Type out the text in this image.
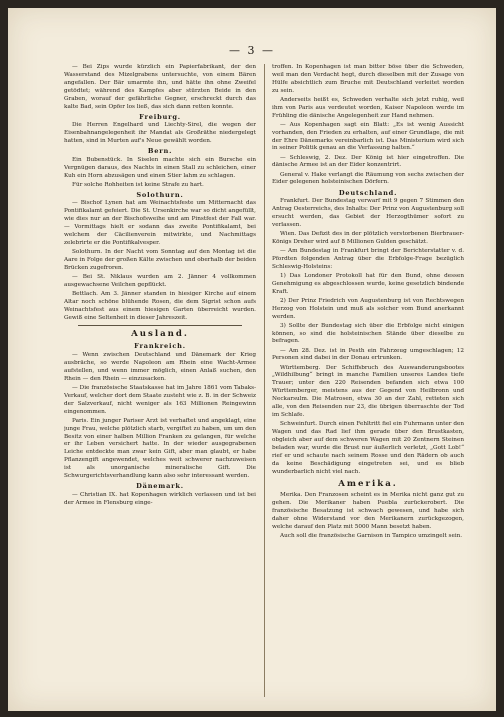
— 3 —

— Bei Zips wurde kürzlich ein Papierfabrikant, der den Wasserstand des Mizelgrabens untersuchte, von einem Bären angefallen. Der Bär umarmte ihn, und hätte ihn ohne Zweifel getödtet; während des Kampfes aber stürzten Beide in den Graben, worauf der gefährliche Gegner, erschreckt durch das kalte Bad, sein Opfer los ließ, das sich dann retten konnte.

Freiburg.

Die Herren Engelhard und Liechty-Sirel, die wegen der Eisenbahnangelegenheit ihr Mandat als Großräthe niedergelegt hatten, sind in Murten auf's Neue gewählt worden.

Bern.

Ein Bubenstück. In Siselen machte sich ein Bursche ein Vergnügen daraus, des Nachts in einen Stall zu schleichen, einer Kuh ein Horn abzusägen und einen Stier lahm zu schlagen.

Für solche Rohheiten ist keine Strafe zu hart.

Solothurn.

— Bischof Lynen hat am Weinachtsfeste um Mitternacht das Pontifikalamt gefeiert. Die St. Ursenkirche war so dicht angefüllt, wie dies nur an der Bischofsweihe und am Pinstfest der Fall war. — Vormittags hielt er sodann das zweite Pontifikalamt, bei welchem der Cäcilienverein mitwirkte, und Nachmittags zelebrirte er die Pontifikalvesper.

Solothurn. In der Nacht vom Sonntag auf den Montag ist die Aare in Folge der großen Kälte zwischen und oberhalb der beiden Brücken zugefroren.

— Bei St. Niklaus wurden am 2. Jänner 4 vollkommen ausgewachsene Veilchen gepflückt.

Bettlach. Am 3. Jänner standen in hiesiger Kirche auf einem Altar noch schöne blühende Rosen, die dem Sigrist schon aufs Weinachtsfest aus einem hiesigen Garten überreicht wurden. Gewiß eine Seltenheit in dieser Jahreszeit.

Ausland.
Frankreich.

— Wenn zwischen Deutschland und Dänemark der Krieg ausbräche, so werde Napoleon am Rhein eine Wacht-Armee aufstellen, und wenn immer möglich, einen Anlaß suchen, den Rhein — den Rhein — einzusacken.

— Die französische Staatskasse hat im Jahre 1861 vom Tabaks-Verkauf, welcher dort dem Staate zusteht wie z. B. in der Schweiz der Salzverkauf, nicht weniger als 163 Millionen Reingewinn eingenommen.

Paris. Ein junger Pariser Arzt ist verhaftet und angeklagt, eine junge Frau, welche plötzlich starb, vergiftet zu haben, um um den Besitz von einer halben Million Franken zu gelangen, für welche er ihr Leben versichert hatte. In der wieder ausgegrabenen Leiche entdeckte man zwar kein Gift, aber man glaubt, er habe Pflanzengift angewendet, welches weit schwerer nachzuweisen ist als unorganische mineralische Gift. Die Schwurgerichtsverhandlung kann also sehr interessant werden.

Dänemark.

— Christian IX. hat Kopenhagen wirklich verlassen und ist bei der Armee in Flensburg einge-

troffen. In Kopenhagen ist man bitter böse über die Schweden, weil man den Verdacht hegt, durch dieselben mit der Zusage von Hülfe absichtlich zum Bruche mit Deutschland verleitet worden zu sein.

Anderseits heißt es, Schweden verhalte sich jetzt ruhig, weil ihm von Paris aus verdeutet worden, Kaiser Napoleon werde im Frühling die dänische Angelegenheit zur Hand nehmen.

— Aus Kopenhagen sagt ein Blatt: „Es ist wenig Aussicht vorhanden, den Frieden zu erhalten, auf einer Grundlage, die mit der Ehre Dänemarks vereinbarlich ist. Das Ministerium wird sich in seiner Politik genau an die Verfassung halten.“

— Schleswig, 2. Dez. Der König ist hier eingetroffen. Die dänische Armee ist an der Eider konzentrirt.

General v. Hake verlangt die Räumung von sechs zwischen der Eider gelegenen holsteinischen Dörfern.

Deutschland.

Frankfurt. Der Bundestag verwarf mit 9 gegen 7 Stimmen den Antrag Oesterreichs, des Inhalts: Der Prinz von Augustenburg soll ersucht werden, das Gebiet der Herzogthümer sofort zu verlassen.

Wien. Das Defizit des in der plötzlich verstorbenen Bierbrauer-Königs Dreher wird auf 8 Millionen Gulden geschätzt.

— Am Bundestag in Frankfurt bringt der Berichterstatter v. d. Pfordten folgenden Antrag über die Erbfolge-Frage bezüglich Schleswig-Holsteins:

1) Das Londoner Protokoll hat für den Bund, ohne dessen Genehmigung es abgeschlossen wurde, keine gesetzlich bindende Kraft.

2) Der Prinz Friedrich von Augustenburg ist von Rechtswegen Herzog von Holstein und muß als solcher vom Bund anerkannt werden.

3) Sollte der Bundestag sich über die Erbfolge nicht einigen können, so sind die holsteinischen Stände über dieselbe zu befragen.

— Am 28. Dez. ist in Pesth ein Fahrzeug umgeschlagen; 12 Personen sind dabei in der Donau ertrunken.

Württemberg. Der Schiffsbruch des Auswanderungsbootes „Wildhilbung“ bringt in manche Familien unseres Landes tiefe Trauer; unter den 220 Reisenden befanden sich etwa 100 Württemberger, meistens aus der Gegend von Heilbronn und Neckarsulm. Die Matrosen, etwa 30 an der Zahl, retteten sich alle, von den Reisenden nur 23, die übrigen überraschte der Tod im Schlafe.

Schweinfurt. Durch einen Fehltritt fiel ein Fuhrmann unter den Wagen und das Rad lief ihm gerade über den Brustkasten, obgleich aber auf dem schweren Wagen mit 20 Zentnern Steinen beladen war, wurde die Brust nur äußerlich verletzt, „Gott Lob!“ rief er und schaute nach seinem Rosse und den Rädern ob auch da keine Beschädigung eingetreten sei, und es blieb wunderbarlich nicht viel nach.

Amerika.

Merika. Den Franzosen scheint es in Merika nicht ganz gut zu gehen. Die Merikaner haben Puebla zurückerobert. Die französische Besatzung ist schwach gewesen, und habe sich daher ohne Widerstand vor den Merikanern zurückgezogen, welche darauf den Platz mit 5000 Mann besetzt haben.

Auch soll die französische Garnison in Tampico umzingelt sein.
